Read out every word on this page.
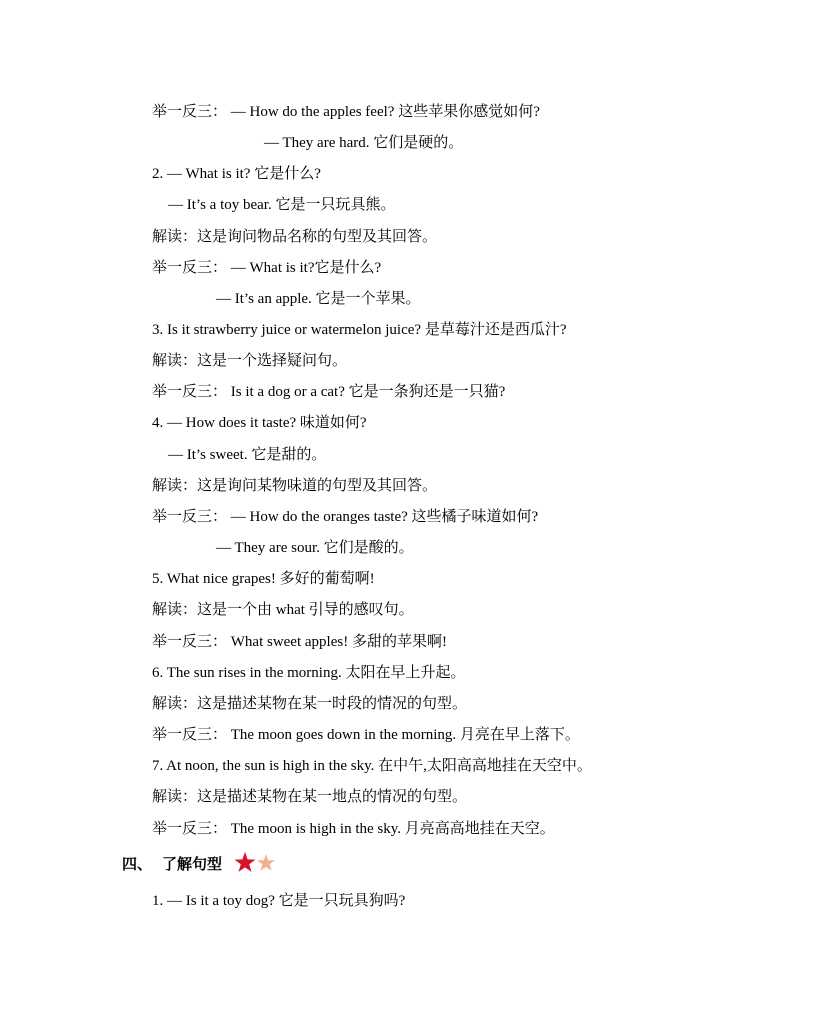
举一反三： — How do the apples feel? 这些苹果你感觉如何?
— They are hard. 它们是硬的。
2. — What is it? 它是什么?
— It’s a toy bear. 它是一只玩具熊。
解读：这是询问物品名称的句型及其回答。
举一反三： — What is it?它是什么?
— It’s an apple. 它是一个苹果。
3. Is it strawberry juice or watermelon juice? 是草莓汁还是西瓜汁?
解读：这是一个选择疑问句。
举一反三： Is it a dog or a cat? 它是一条狗还是一只猫?
4. — How does it taste? 味道如何?
— It’s sweet. 它是甜的。
解读：这是询问某物味道的句型及其回答。
举一反三： — How do the oranges taste? 这些橘子味道如何?
— They are sour. 它们是酸的。
5. What nice grapes! 多好的葡萄啊!
解读：这是一个由 what 引导的感叹句。
举一反三： What sweet apples! 多甜的苹果啊!
6. The sun rises in the morning. 太阳在早上升起。
解读：这是描述某物在某一时段的情况的句型。
举一反三： The moon goes down in the morning. 月亮在早上落下。
7. At noon, the sun is high in the sky. 在中午,太阳高高地挂在天空中。
解读：这是描述某物在某一地点的情况的句型。
举一反三： The moon is high in the sky. 月亮高高地挂在天空。
四、 了解句型
1. — Is it a toy dog? 它是一只玩具狗吗?
